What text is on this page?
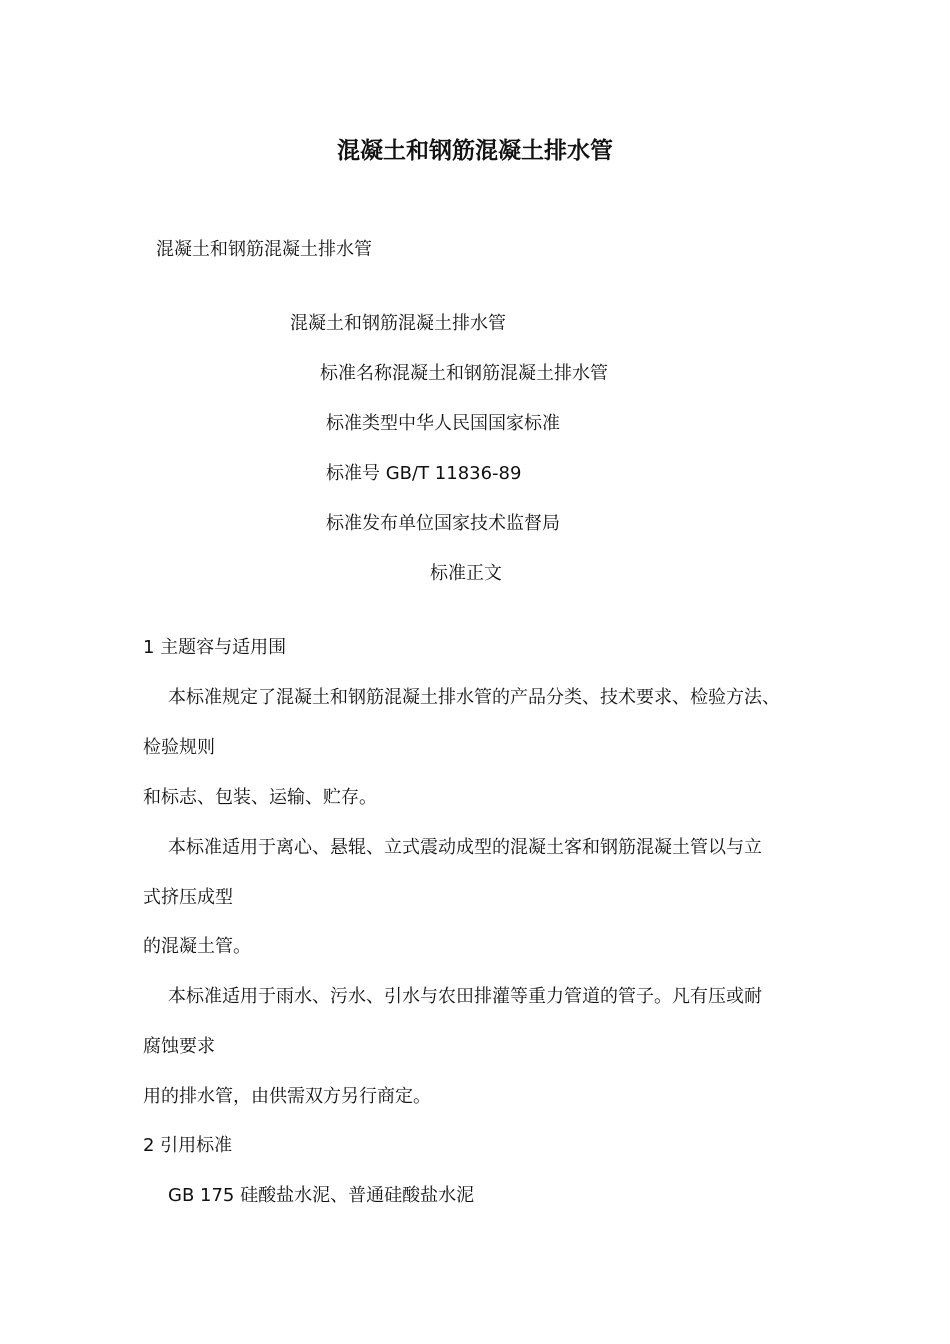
混凝土和钢筋混凝土排水管
混凝土和钢筋混凝土排水管
混凝土和钢筋混凝土排水管
标准名称混凝土和钢筋混凝土排水管
标准类型中华人民国国家标准
标准号 GB/T 11836-89
标准发布单位国家技术监督局
标准正文
1 主题容与适用围
本标准规定了混凝土和钢筋混凝土排水管的产品分类、技术要求、检验方法、
检验规则
和标志、包装、运输、贮存。
本标准适用于离心、悬辊、立式震动成型的混凝土客和钢筋混凝土管以与立
式挤压成型
的混凝土管。
本标准适用于雨水、污水、引水与农田排灌等重力管道的管子。凡有压或耐
腐蚀要求
用的排水管，由供需双方另行商定。
2 引用标准
GB 175 硅酸盐水泥、普通硅酸盐水泥
